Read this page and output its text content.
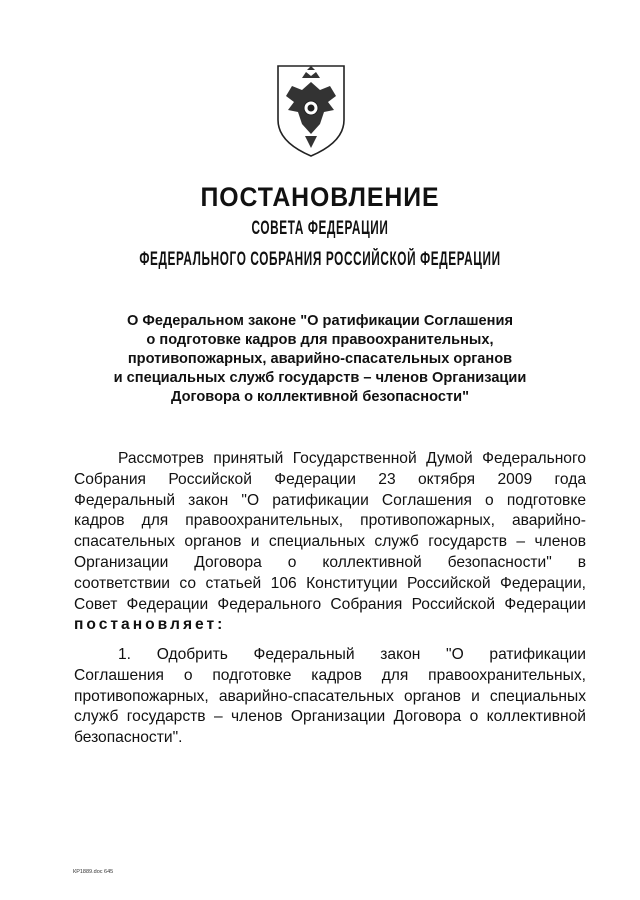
ПОСТАНОВЛЕНИЕ
СОВЕТА ФЕДЕРАЦИИ
ФЕДЕРАЛЬНОГО СОБРАНИЯ РОССИЙСКОЙ ФЕДЕРАЦИИ
О Федеральном законе "О ратификации Соглашения
о подготовке кадров для правоохранительных,
противопожарных, аварийно-спасательных органов
и специальных служб государств – членов Организации
Договора о коллективной безопасности"
Рассмотрев принятый Государственной Думой Федерального
Собрания Российской Федерации 23 октября 2009 года
Федеральный закон "О ратификации Соглашения о подготовке
кадров для правоохранительных, противопожарных, аварийно-
спасательных органов и специальных служб государств – членов
Организации Договора о коллективной безопасности" в
соответствии со статьей 106 Конституции Российской Федерации,
Совет Федерации Федерального Собрания Российской Федерации
постановляет:
1. Одобрить Федеральный закон "О ратификации
Соглашения о подготовке кадров для правоохранительных,
противопожарных, аварийно-спасательных органов и специальных
служб государств – членов Организации Договора о коллективной
безопасности".
КР1889.doc 645
